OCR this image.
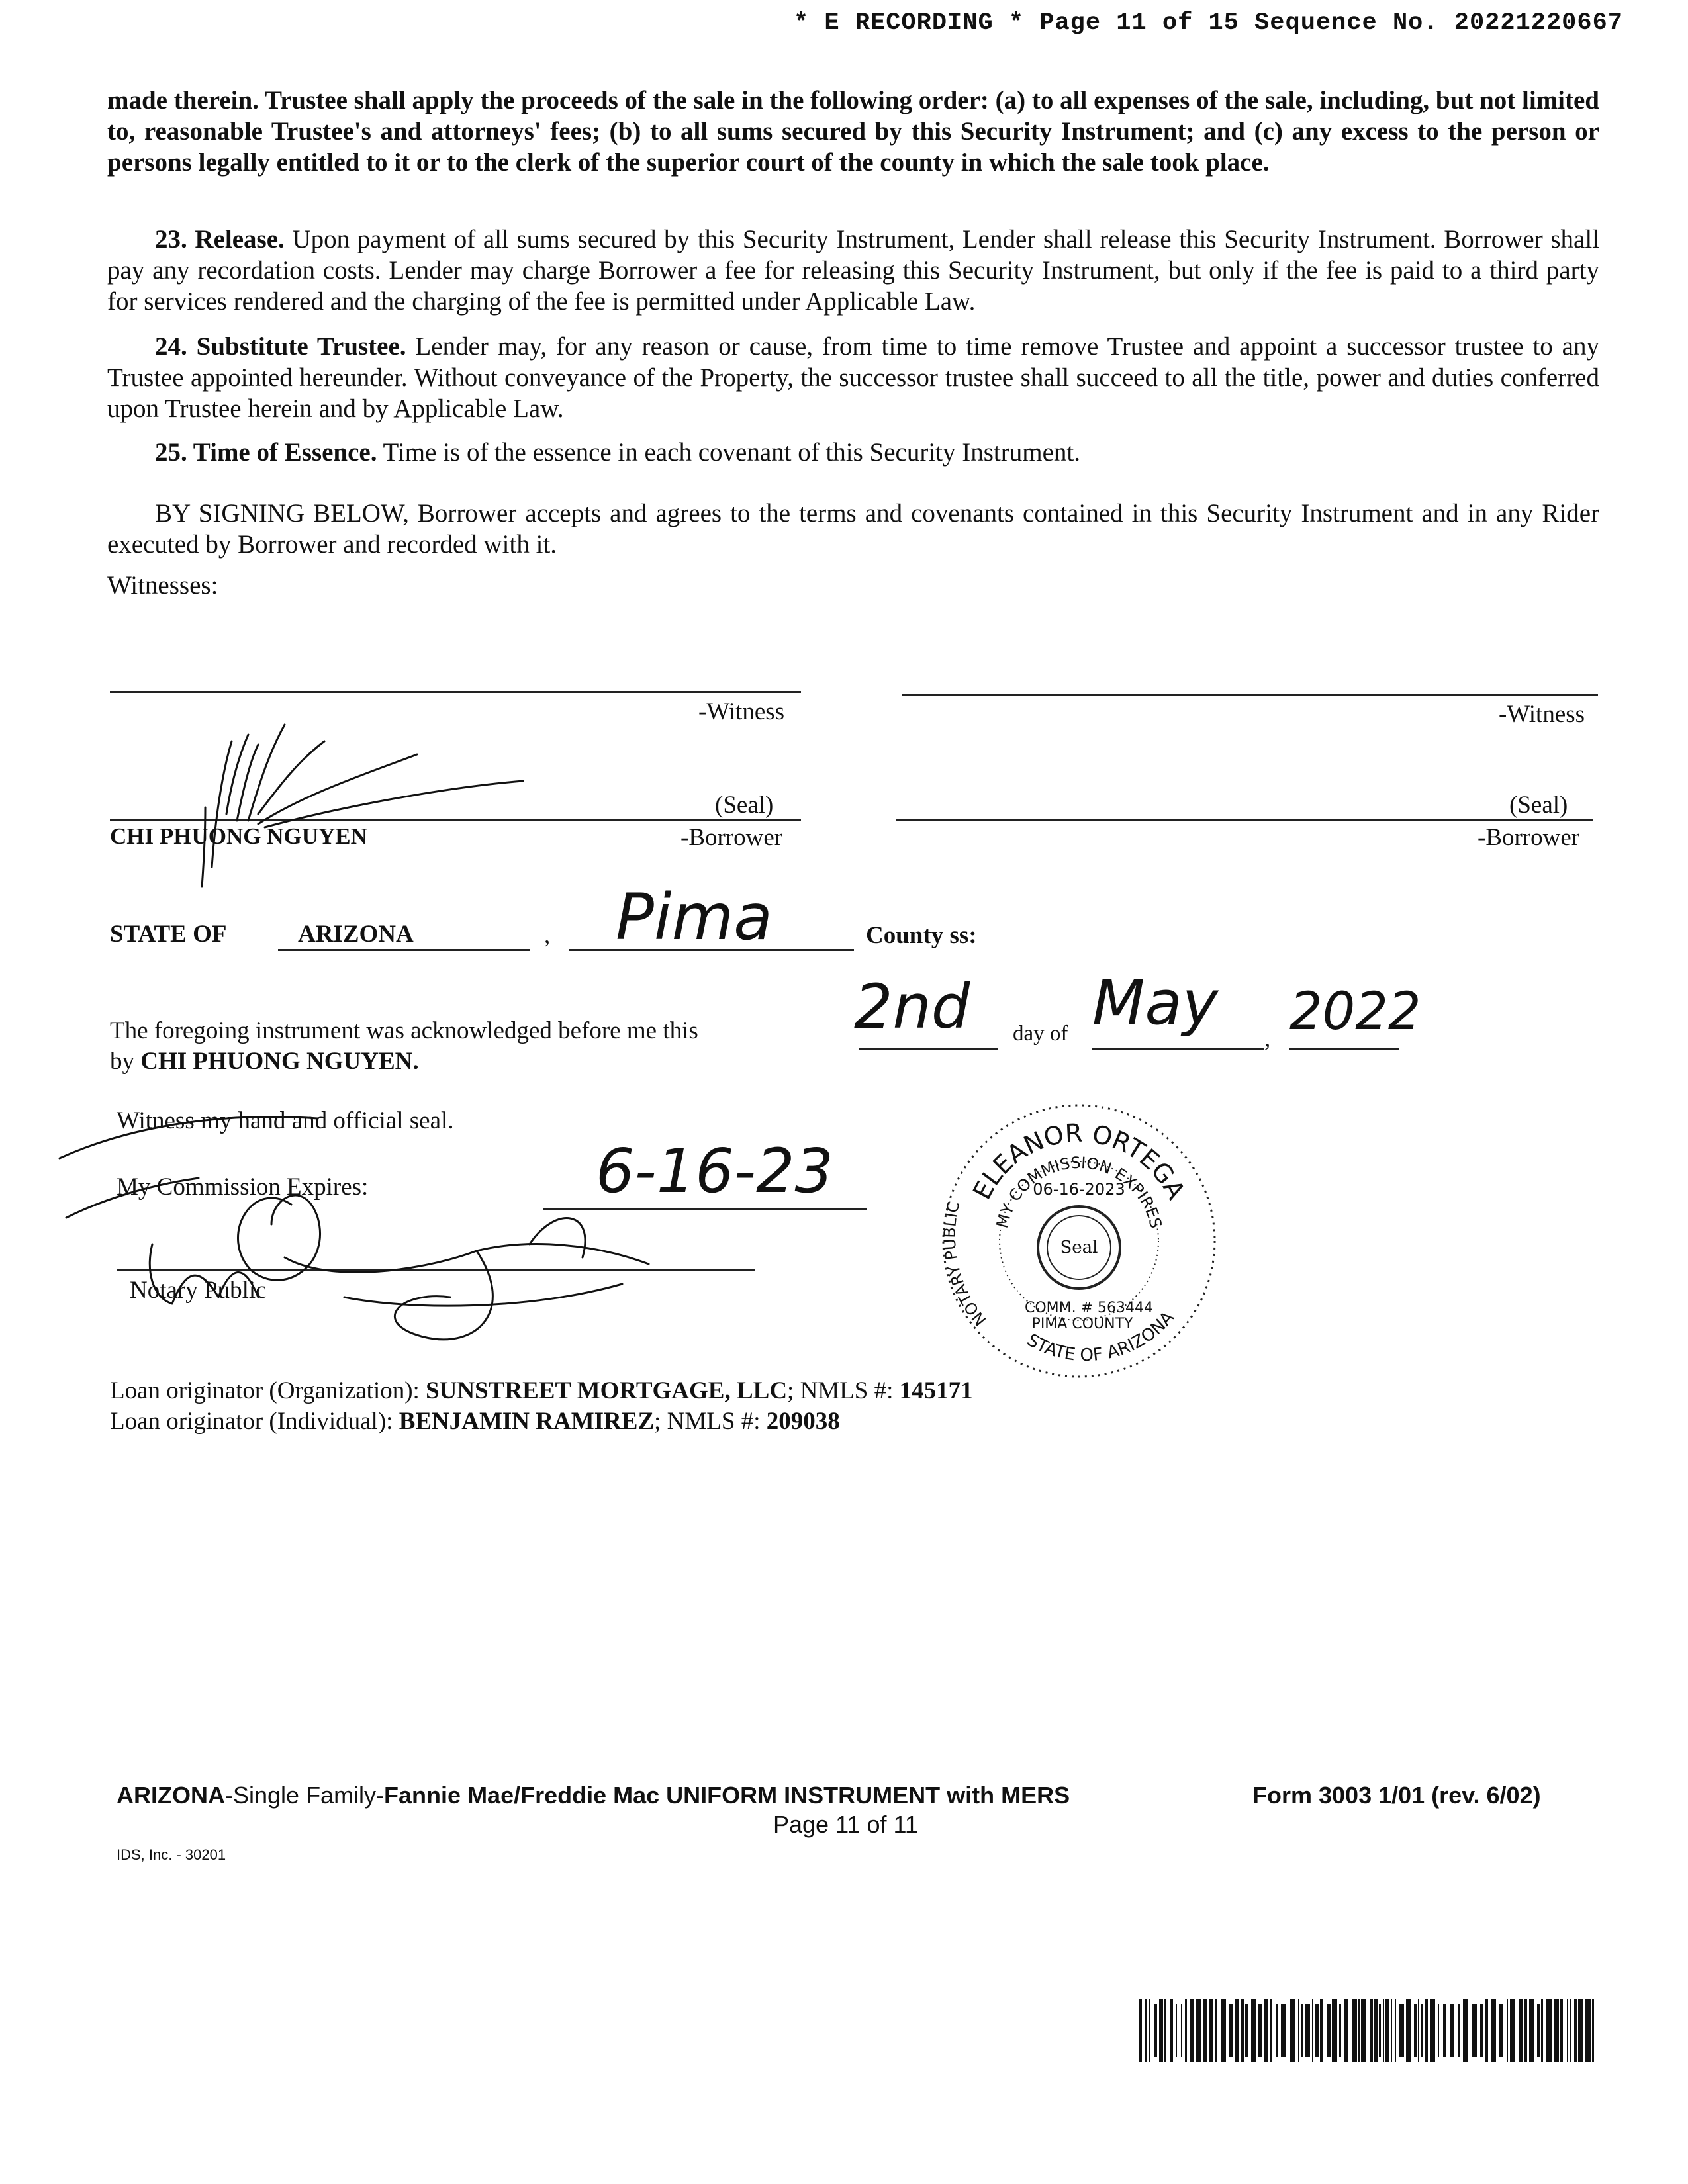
* E RECORDING * Page 11 of 15 Sequence No. 20221220667
made therein. Trustee shall apply the proceeds of the sale in the following order: (a) to all expenses of the sale, including, but not limited to, reasonable Trustee's and attorneys' fees; (b) to all sums secured by this Security Instrument; and (c) any excess to the person or persons legally entitled to it or to the clerk of the superior court of the county in which the sale took place.
23. Release. Upon payment of all sums secured by this Security Instrument, Lender shall release this Security Instrument. Borrower shall pay any recordation costs. Lender may charge Borrower a fee for releasing this Security Instrument, but only if the fee is paid to a third party for services rendered and the charging of the fee is permitted under Applicable Law.
24. Substitute Trustee. Lender may, for any reason or cause, from time to time remove Trustee and appoint a successor trustee to any Trustee appointed hereunder. Without conveyance of the Property, the successor trustee shall succeed to all the title, power and duties conferred upon Trustee herein and by Applicable Law.
25. Time of Essence. Time is of the essence in each covenant of this Security Instrument.
BY SIGNING BELOW, Borrower accepts and agrees to the terms and covenants contained in this Security Instrument and in any Rider executed by Borrower and recorded with it.
Witnesses:
-Witness	-Witness
(Seal)
CHI PHUONG NGUYEN	-Borrower
(Seal)
-Borrower
STATE OF	ARIZONA	, Pima	County ss:
The foregoing instrument was acknowledged before me this
by CHI PHUONG NGUYEN.
2nd day of May
, 2022
Witness my hand and official seal.
My Commission Expires:	6-16-23
Notary Public
ELEANOR ORTEGA
MY COMMISSION EXPIRES
NOTARY PUBLIC
STATE OF ARIZONA
06-16-2023
Seal
COMM. # 563444
PIMA COUNTY
Loan originator (Organization): SUNSTREET MORTGAGE, LLC; NMLS #: 145171
Loan originator (Individual): BENJAMIN RAMIREZ; NMLS #: 209038
ARIZONA-Single Family-Fannie Mae/Freddie Mac UNIFORM INSTRUMENT with MERS	Form 3003 1/01 (rev. 6/02)
Page 11 of 11
IDS, Inc. - 30201
